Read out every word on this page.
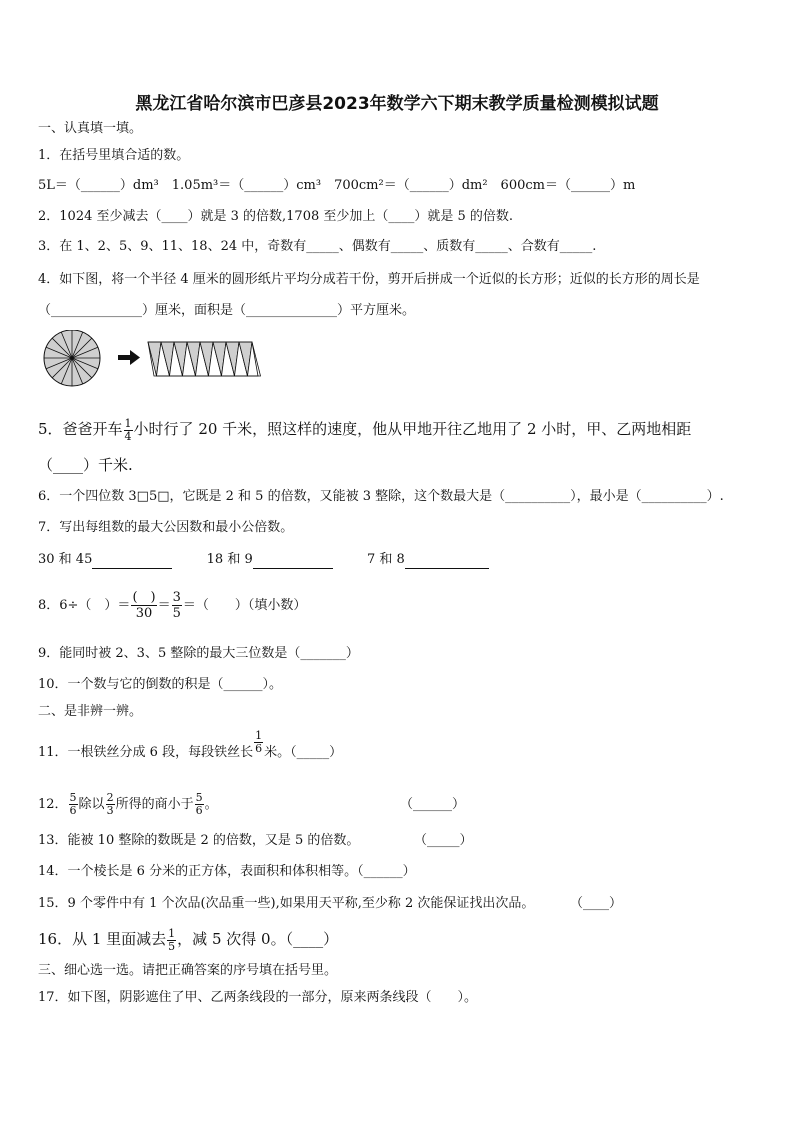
黑龙江省哈尔滨市巴彦县2023年数学六下期末教学质量检测模拟试题
一、认真填一填。
1．在括号里填合适的数。
5L＝（______）dm³　1.05m³＝（______）cm³　700cm²＝（______）dm²　600cm＝（______）m
2．1024 至少减去（____）就是 3 的倍数,1708 至少加上（____）就是 5 的倍数.
3．在 1、2、5、9、11、18、24 中，奇数有_____、偶数有_____、质数有_____、合数有_____.
4．如下图，将一个半径 4 厘米的圆形纸片平均分成若干份，剪开后拼成一个近似的长方形；近似的长方形的周长是
（______________）厘米，面积是（______________）平方厘米。
5．爸爸开车 $\frac{1}{4}$ 小时行了 20 千米，照这样的速度，他从甲地开往乙地用了 2 小时，甲、乙两地相距
（____）千米.
6．一个四位数 3□5□，它既是 2 和 5 的倍数，又能被 3 整除，这个数最大是（__________），最小是（__________）.
7．写出每组数的最大公因数和最小公倍数。
30 和 45	18 和 9	7 和 8
8．6÷（　）＝ $\frac{( )}{30} = \frac{3}{5}$ ＝（　　）（填小数）
9．能同时被 2、3、5 整除的最大三位数是（_______）
10．一个数与它的倒数的积是（______）。
二、是非辨一辨。
11．一根铁丝分成 6 段，每段铁丝长 $\frac{1}{6}$ 米。（_____）
12． $\frac{5}{6}$ 除以 $\frac{2}{3}$ 所得的商小于 $\frac{5}{6}$ 。	（______）
13．能被 10 整除的数既是 2 的倍数，又是 5 的倍数。	（_____）
14．一个棱长是 6 分米的正方体，表面积和体积相等。（______）
15．9 个零件中有 1 个次品(次品重一些),如果用天平称,至少称 2 次能保证找出次品。	（____）
16．从 1 里面减去 $\frac{1}{5}$ ，减 5 次得 0。（____）
三、细心选一选。请把正确答案的序号填在括号里。
17．如下图，阴影遮住了甲、乙两条线段的一部分，原来两条线段（　　）。
